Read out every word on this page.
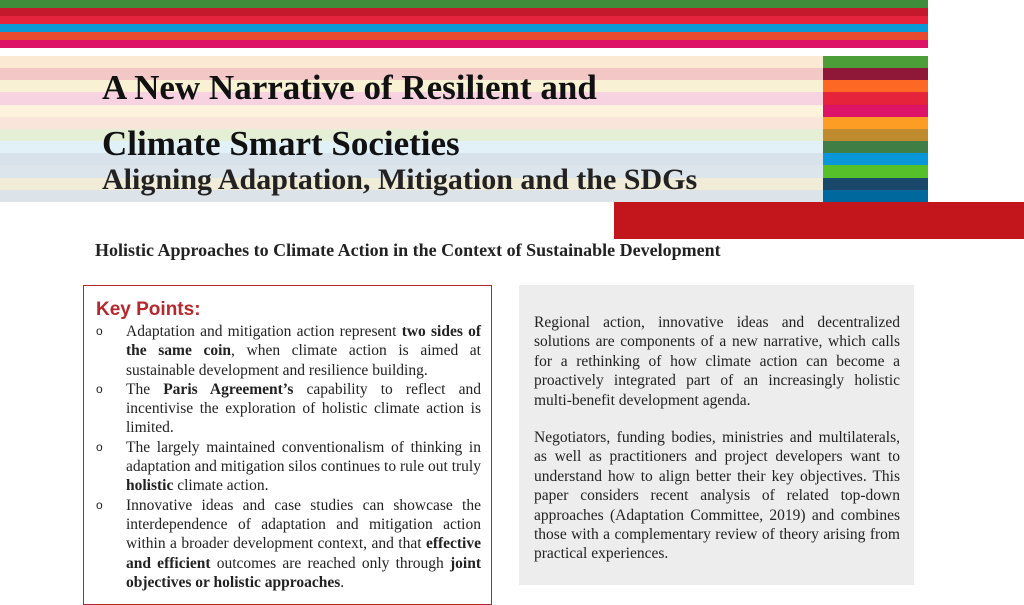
A New Narrative of Resilient and
Climate Smart Societies
Aligning Adaptation, Mitigation and the SDGs
Holistic Approaches to Climate Action in the Context of Sustainable Development
Key Points:
o Adaptation and mitigation action represent two sides of the same coin, when climate action is aimed at sustainable development and resilience building.
o The Paris Agreement’s capability to reflect and incentivise the exploration of holistic climate action is limited.
o The largely maintained conventionalism of thinking in adaptation and mitigation silos continues to rule out truly holistic climate action.
o Innovative ideas and case studies can showcase the interdependence of adaptation and mitigation action within a broader development context, and that effective and efficient outcomes are reached only through joint objectives or holistic approaches.

Regional action, innovative ideas and decentralized solutions are components of a new narrative, which calls for a rethinking of how climate action can become a proactively integrated part of an increasingly holistic multi-benefit development agenda.

Negotiators, funding bodies, ministries and multilaterals, as well as practitioners and project developers want to understand how to align better their key objectives. This paper considers recent analysis of related top-down approaches (Adaptation Committee, 2019) and combines those with a complementary review of theory arising from practical experiences.
